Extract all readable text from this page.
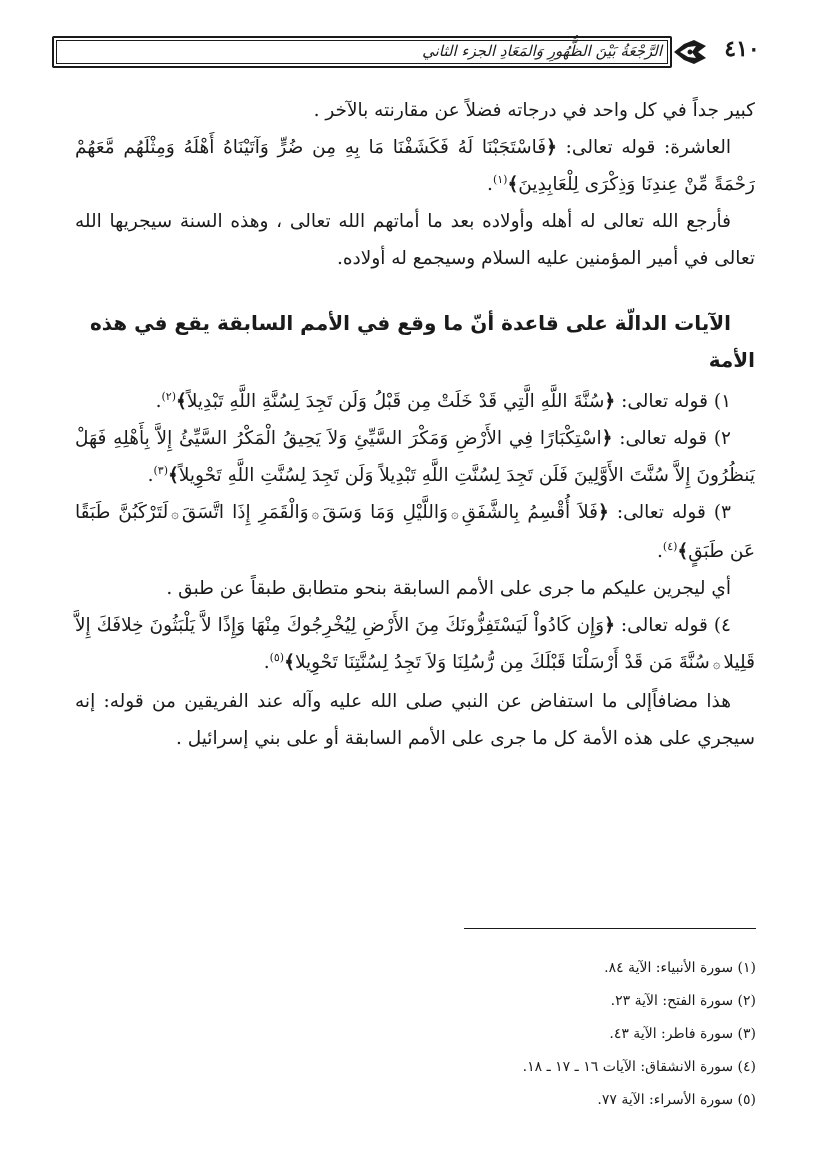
الرَّجْعَةُ بَيْنَ الظُّهُورِ وَالمَعَادِ الجزء الثاني	٤١٠

كبير جداً في كل واحد في درجاته فضلاً عن مقارنته بالآخر .

العاشرة: قوله تعالى: ﴿فَاسْتَجَبْنَا لَهُ فَكَشَفْنَا مَا بِهِ مِن ضُرٍّ وَآتَيْنَاهُ أَهْلَهُ وَمِثْلَهُم مَّعَهُمْ رَحْمَةً مِّنْ عِندِنَا وَذِكْرَى لِلْعَابِدِينَ﴾$^{(١)}$.

فأرجع الله تعالى له أهله وأولاده بعد ما أماتهم الله تعالى ، وهذه السنة سيجريها الله تعالى في أمير المؤمنين عليه السلام وسيجمع له أولاده.

الآيات الدالّة على قاعدة أنّ ما وقع في الأمم السابقة يقع في هذه الأمة

١) قوله تعالى: ﴿سُنَّةَ اللَّهِ الَّتِي قَدْ خَلَتْ مِن قَبْلُ وَلَن تَجِدَ لِسُنَّةِ اللَّهِ تَبْدِيلاً﴾$^{(٢)}$.

٢) قوله تعالى: ﴿اسْتِكْبَارًا فِي الأَرْضِ وَمَكْرَ السَّيِّئِ وَلاَ يَحِيقُ الْمَكْرُ السَّيِّئُ إِلاَّ بِأَهْلِهِ فَهَلْ يَنظُرُونَ إِلاَّ سُنَّتَ الأَوَّلِينَ فَلَن تَجِدَ لِسُنَّتِ اللَّهِ تَبْدِيلاً وَلَن تَجِدَ لِسُنَّتِ اللَّهِ تَحْوِيلاً﴾$^{(٣)}$.

٣) قوله تعالى: ﴿فَلاَ أُقْسِمُ بِالشَّفَقِ۞وَاللَّيْلِ وَمَا وَسَقَ۞وَالْقَمَرِ إِذَا اتَّسَقَ۞لَتَرْكَبُنَّ طَبَقًا عَن طَبَقٍ﴾$^{(٤)}$.

أي ليجرين عليكم ما جرى على الأمم السابقة بنحو متطابق طبقاً عن طبق .

٤) قوله تعالى: ﴿وَإِن كَادُواْ لَيَسْتَفِزُّونَكَ مِنَ الأَرْضِ لِيُخْرِجُوكَ مِنْهَا وَإِذًا لاَّ يَلْبَثُونَ خِلافَكَ إِلاَّ قَلِيلا۞سُنَّةَ مَن قَدْ أَرْسَلْنَا قَبْلَكَ مِن رُّسُلِنَا وَلاَ تَجِدُ لِسُنَّتِنَا تَحْوِيلا﴾$^{(٥)}$.

هذا مضافاًإلى ما استفاض عن النبي صلى الله عليه وآله عند الفريقين من قوله: إنه سيجري على هذه الأمة كل ما جرى على الأمم السابقة أو على بني إسرائيل .

(١) سورة الأنبياء: الآية ٨٤.
(٢) سورة الفتح: الآية ٢٣.
(٣) سورة فاطر: الآية ٤٣.
(٤) سورة الانشقاق: الآيات ١٦ ـ ١٧ ـ ١٨.
(٥) سورة الأسراء: الآية ٧٧.
